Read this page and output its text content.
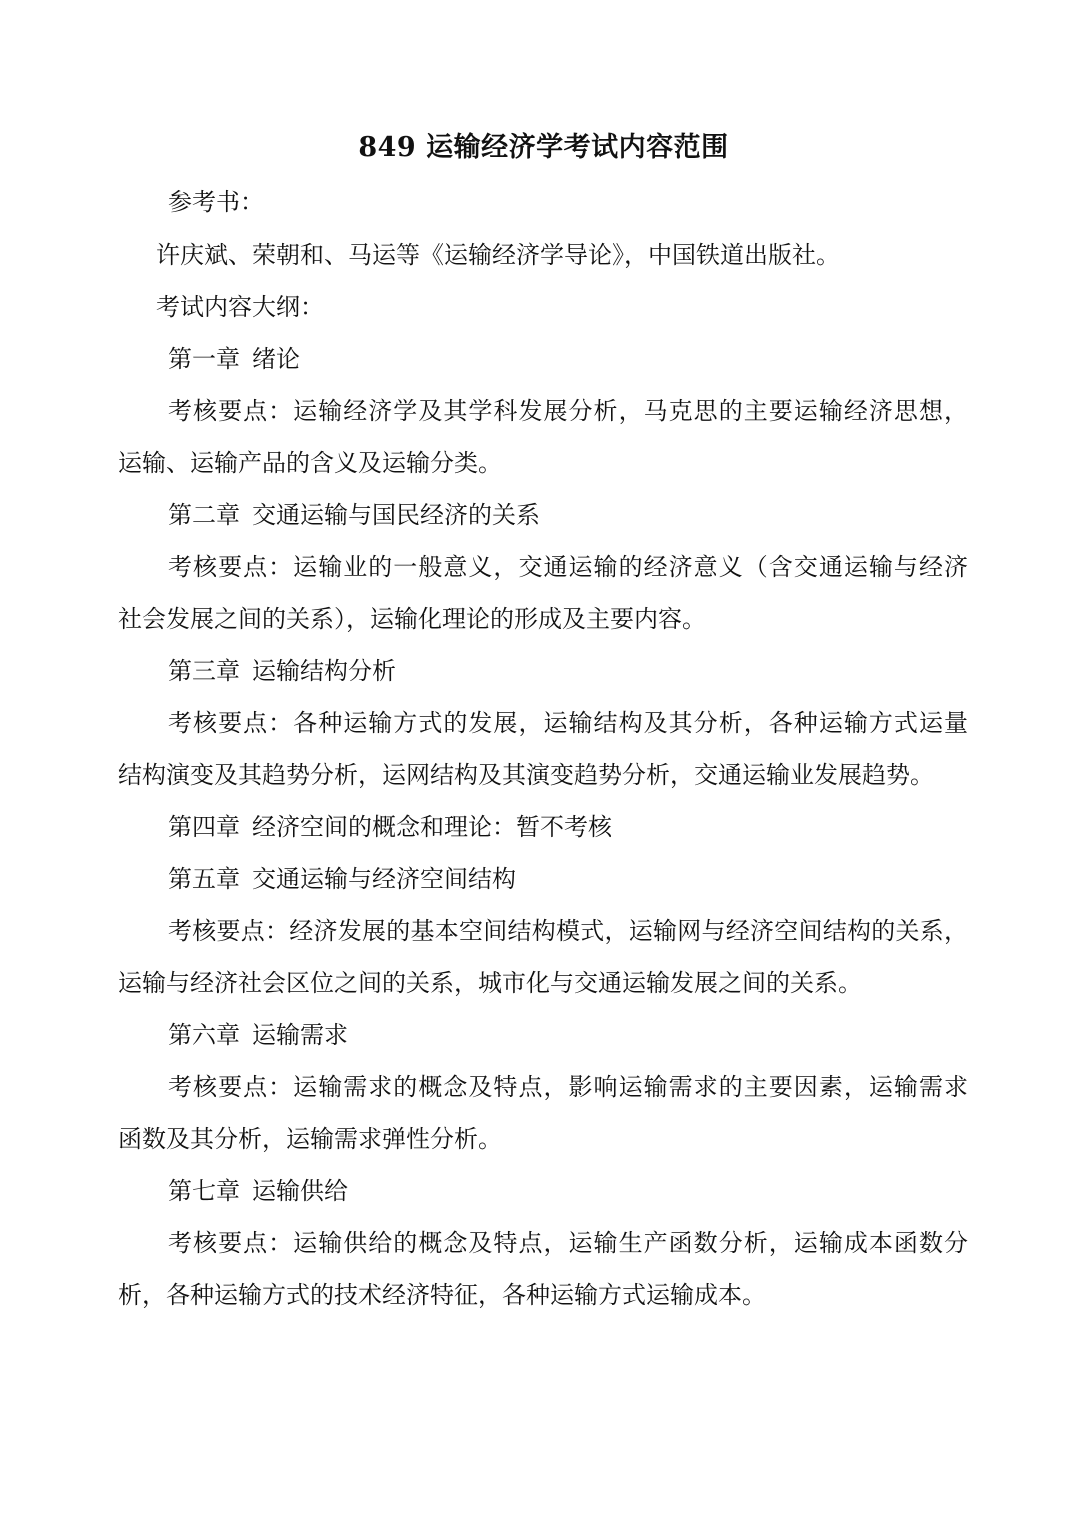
849 运输经济学考试内容范围
参考书：
许庆斌、荣朝和、马运等《运输经济学导论》，中国铁道出版社。
考试内容大纲：
第一章 绪论
考核要点：运输经济学及其学科发展分析，马克思的主要运输经济思想，
运输、运输产品的含义及运输分类。
第二章 交通运输与国民经济的关系
考核要点：运输业的一般意义，交通运输的经济意义（含交通运输与经济
社会发展之间的关系），运输化理论的形成及主要内容。
第三章 运输结构分析
考核要点：各种运输方式的发展，运输结构及其分析，各种运输方式运量
结构演变及其趋势分析，运网结构及其演变趋势分析，交通运输业发展趋势。
第四章 经济空间的概念和理论：暂不考核
第五章 交通运输与经济空间结构
考核要点：经济发展的基本空间结构模式，运输网与经济空间结构的关系，
运输与经济社会区位之间的关系，城市化与交通运输发展之间的关系。
第六章 运输需求
考核要点：运输需求的概念及特点，影响运输需求的主要因素，运输需求
函数及其分析，运输需求弹性分析。
第七章 运输供给
考核要点：运输供给的概念及特点，运输生产函数分析，运输成本函数分
析，各种运输方式的技术经济特征，各种运输方式运输成本。
